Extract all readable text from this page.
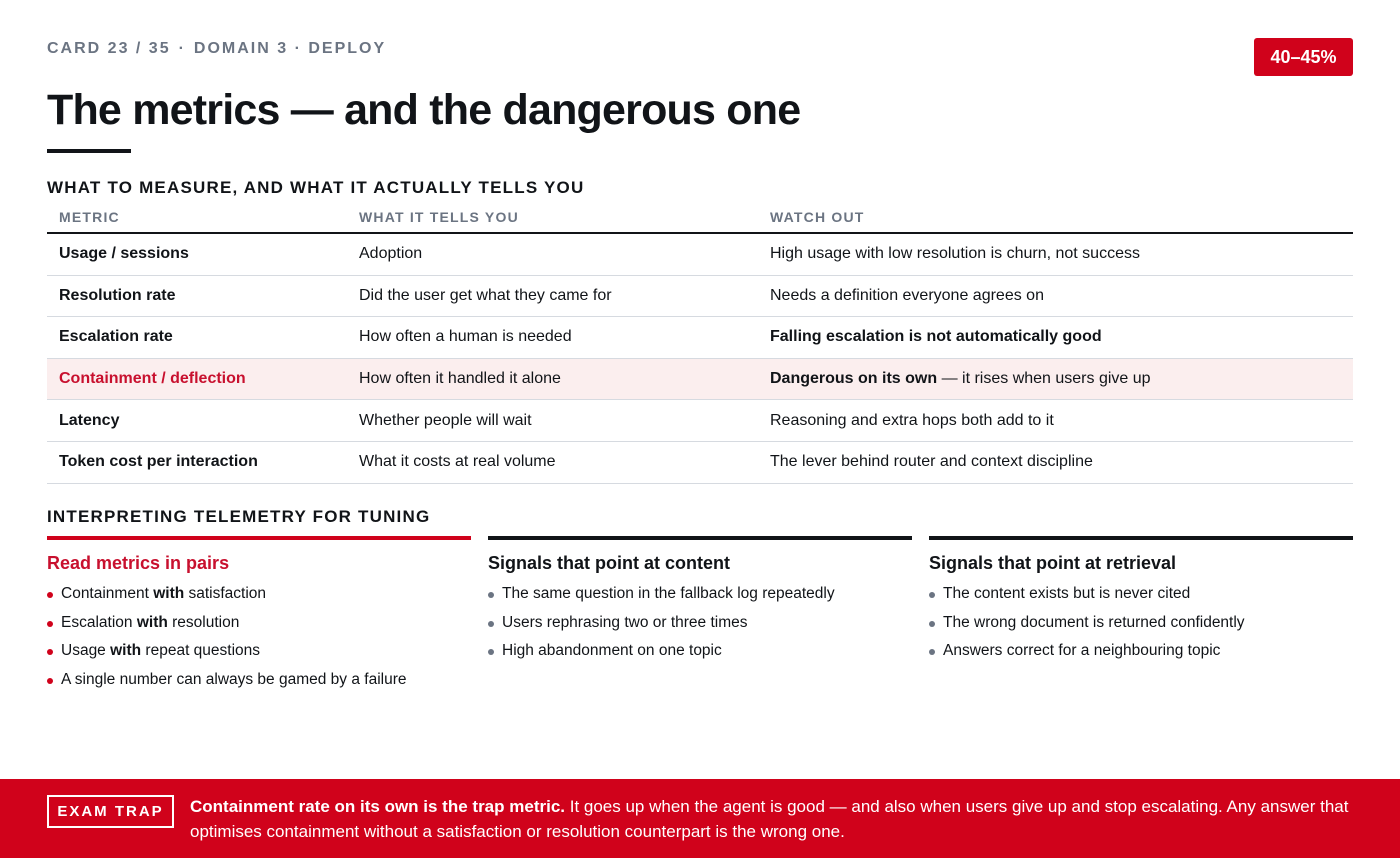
CARD 23 / 35 · DOMAIN 3 · DEPLOY	40–45%
The metrics — and the dangerous one
WHAT TO MEASURE, AND WHAT IT ACTUALLY TELLS YOU
METRIC	WHAT IT TELLS YOU	WATCH OUT
Usage / sessions	Adoption	High usage with low resolution is churn, not success
Resolution rate	Did the user get what they came for	Needs a definition everyone agrees on
Escalation rate	How often a human is needed	Falling escalation is not automatically good
Containment / deflection	How often it handled it alone	Dangerous on its own — it rises when users give up
Latency	Whether people will wait	Reasoning and extra hops both add to it
Token cost per interaction	What it costs at real volume	The lever behind router and context discipline
INTERPRETING TELEMETRY FOR TUNING
Read metrics in pairs
Containment with satisfaction
Escalation with resolution
Usage with repeat questions
A single number can always be gamed by a failure
Signals that point at content
The same question in the fallback log repeatedly
Users rephrasing two or three times
High abandonment on one topic
Signals that point at retrieval
The content exists but is never cited
The wrong document is returned confidently
Answers correct for a neighbouring topic
EXAM TRAP	Containment rate on its own is the trap metric. It goes up when the agent is good — and also when users give up and stop escalating. Any answer that optimises containment without a satisfaction or resolution counterpart is the wrong one.
